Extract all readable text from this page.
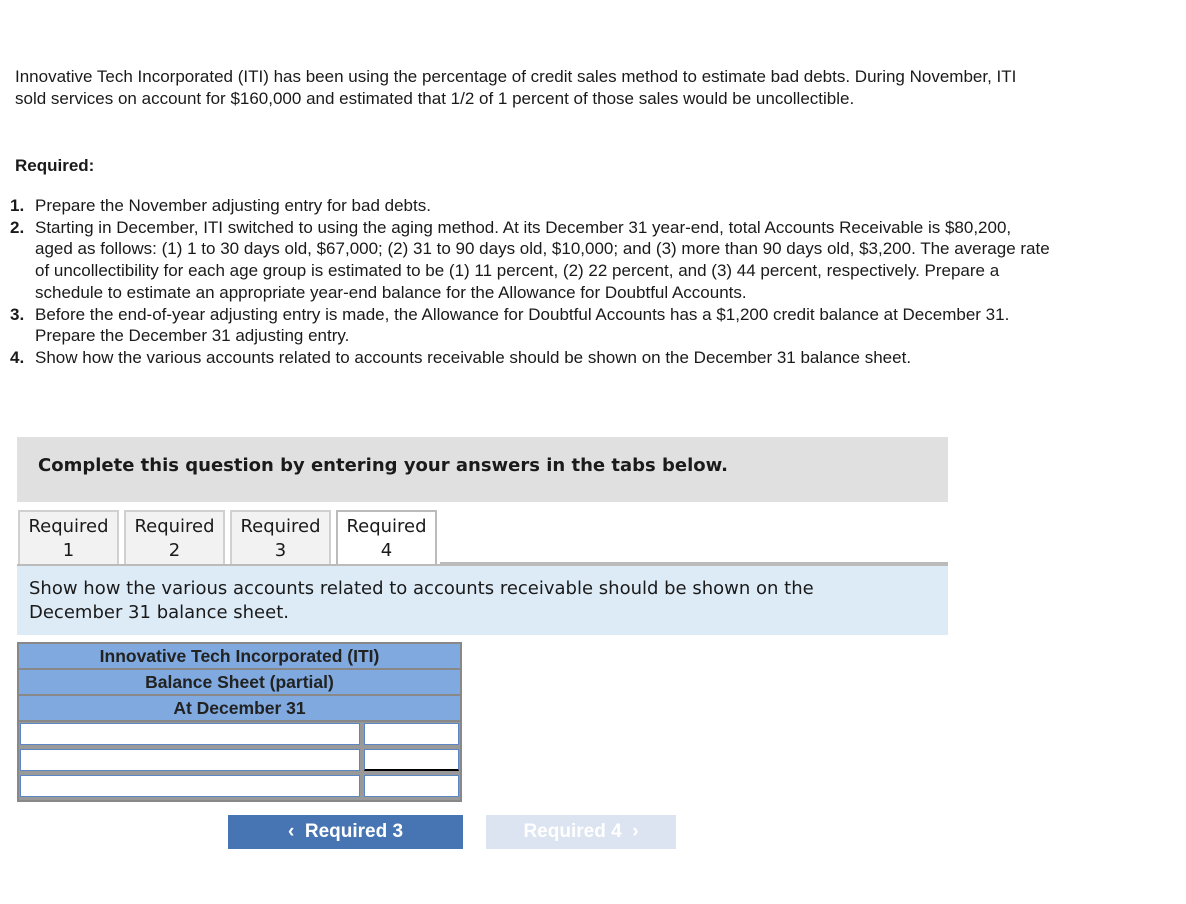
Innovative Tech Incorporated (ITI) has been using the percentage of credit sales method to estimate bad debts. During November, ITI sold services on account for $160,000 and estimated that 1/2 of 1 percent of those sales would be uncollectible.
Required:
1. Prepare the November adjusting entry for bad debts.
2. Starting in December, ITI switched to using the aging method. At its December 31 year-end, total Accounts Receivable is $80,200, aged as follows: (1) 1 to 30 days old, $67,000; (2) 31 to 90 days old, $10,000; and (3) more than 90 days old, $3,200. The average rate of uncollectibility for each age group is estimated to be (1) 11 percent, (2) 22 percent, and (3) 44 percent, respectively. Prepare a schedule to estimate an appropriate year-end balance for the Allowance for Doubtful Accounts.
3. Before the end-of-year adjusting entry is made, the Allowance for Doubtful Accounts has a $1,200 credit balance at December 31. Prepare the December 31 adjusting entry.
4. Show how the various accounts related to accounts receivable should be shown on the December 31 balance sheet.
Complete this question by entering your answers in the tabs below.
Required
1
Required
2
Required
3
Required
4
Show how the various accounts related to accounts receivable should be shown on the December 31 balance sheet.
Innovative Tech Incorporated (ITI)
Balance Sheet (partial)
At December 31
‹  Required 3	Required 4  ›
